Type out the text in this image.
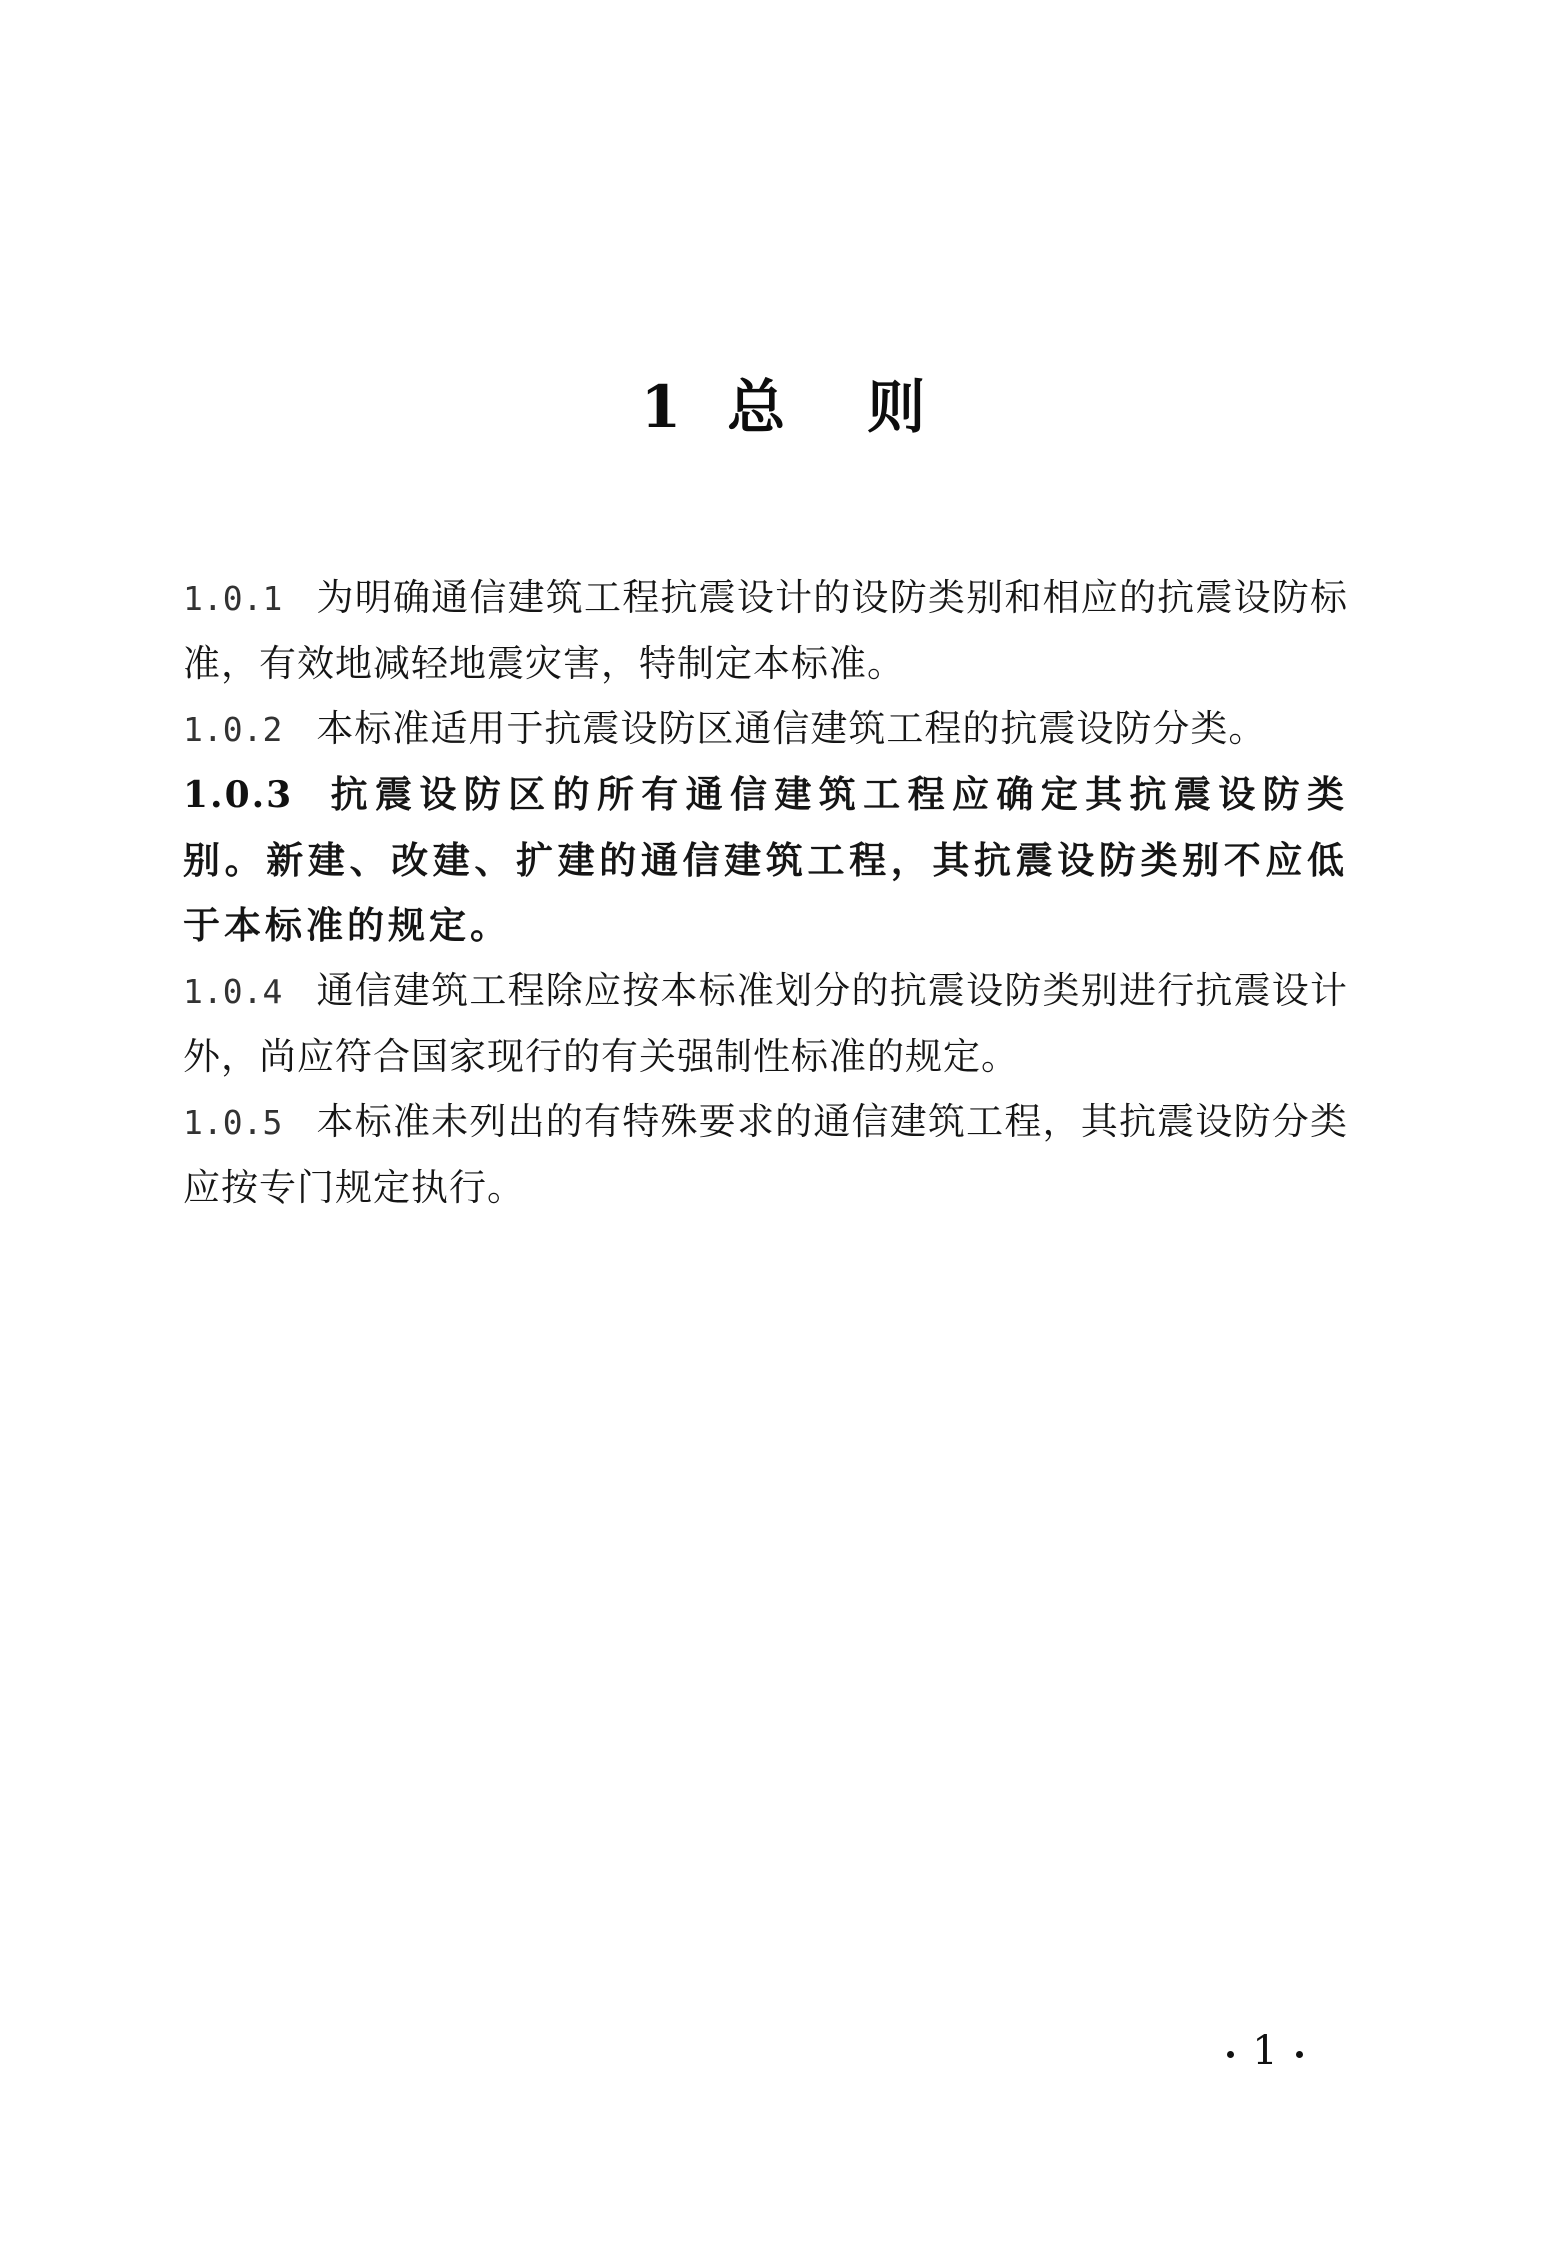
1 总 则

1.0.1 为明确通信建筑工程抗震设计的设防类别和相应的抗震设防标准，有效地减轻地震灾害，特制定本标准。

1.0.2 本标准适用于抗震设防区通信建筑工程的抗震设防分类。

1.0.3 抗震设防区的所有通信建筑工程应确定其抗震设防类别。新建、改建、扩建的通信建筑工程，其抗震设防类别不应低于本标准的规定。

1.0.4 通信建筑工程除应按本标准划分的抗震设防类别进行抗震设计外，尚应符合国家现行的有关强制性标准的规定。

1.0.5 本标准未列出的有特殊要求的通信建筑工程，其抗震设防分类应按专门规定执行。

1
